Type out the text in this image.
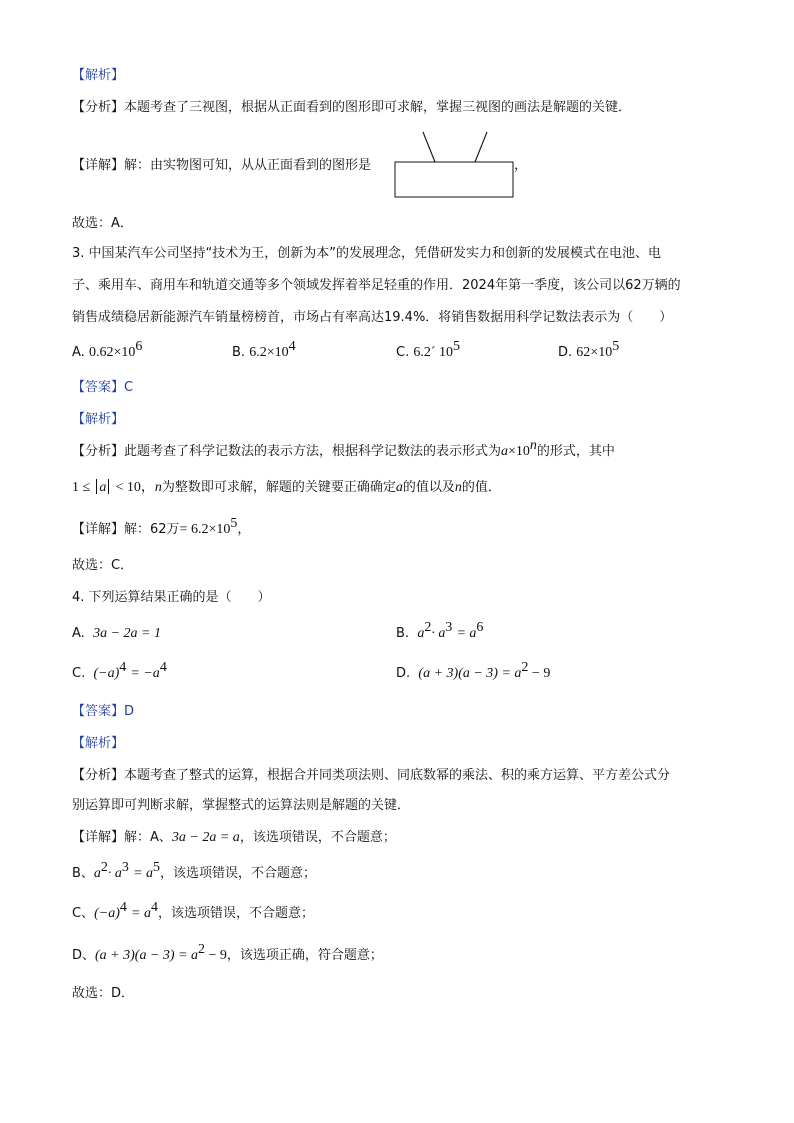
【解析】
【分析】本题考查了三视图，根据从正面看到的图形即可求解，掌握三视图的画法是解题的关键．
【详解】解：由实物图可知，从从正面看到的图形是	，
故选：A．
3. 中国某汽车公司坚持“技术为王，创新为本”的发展理念，凭借研发实力和创新的发展模式在电池、电
子、乘用车、商用车和轨道交通等多个领域发挥着举足轻重的作用．2024年第一季度，该公司以62万辆的
销售成绩稳居新能源汽车销量榜榜首，市场占有率高达19.4%．将销售数据用科学记数法表示为（　　）
A. $0.62\times 10^6$	B. $6.2\times 10^4$	C. 6.2´ $10^5$	D. $62\times 10^5$
【答案】C
【解析】
【分析】此题考查了科学记数法的表示方法，根据科学记数法的表示形式为$a\times 10^n$的形式，其中
1 ≤ a < 10，n为整数即可求解，解题的关键要正确确定a的值以及n的值．
【详解】解：62万= $6.2\times 10^5$，
故选：C．
4. 下列运算结果正确的是（　　）
A. 3a − 2a = 1	B. $a^2\cdot a^3 = a^6$
C. $(-a)^4 = -a^4$	D. $(a + 3)(a - 3) = a^2 - 9$
【答案】D
【解析】
【分析】本题考查了整式的运算，根据合并同类项法则、同底数幂的乘法、积的乘方运算、平方差公式分
别运算即可判断求解，掌握整式的运算法则是解题的关键．
【详解】解：A、3a − 2a = a，该选项错误，不合题意；
B、$a^2\cdot a^3 = a^5$，该选项错误，不合题意；
C、$(-a)^4 = a^4$，该选项错误，不合题意；
D、$(a + 3)(a - 3) = a^2 - 9$，该选项正确，符合题意；
故选：D．
